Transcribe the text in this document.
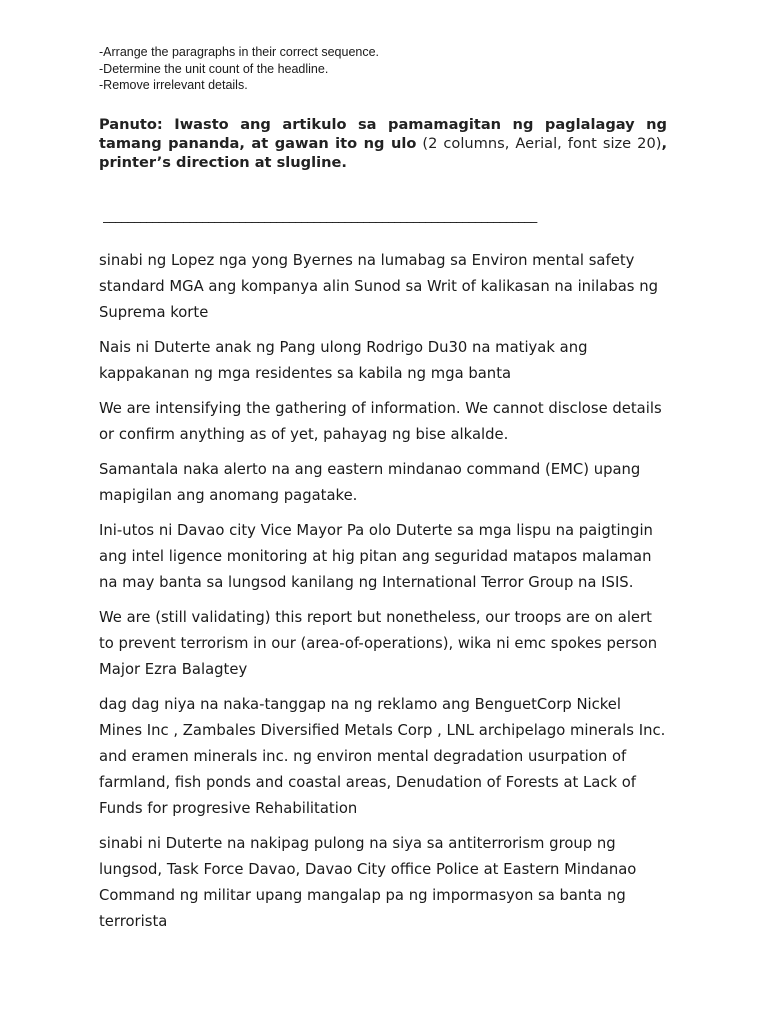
-Arrange the paragraphs in their correct sequence.

-Determine the unit count of the headline.

-Remove irrelevant details.

Panuto: Iwasto ang artikulo sa pamamagitan ng paglalagay ng tamang pananda, at gawan ito ng ulo (2 columns, Aerial, font size 20), printer’s direction at slugline.

______________________________________________________________________

sinabi ng Lopez nga yong Byernes na lumabag sa Environ mental safety standard MGA ang kompanya alin Sunod sa Writ of kalikasan na inilabas ng Suprema korte

Nais ni Duterte anak ng Pang ulong Rodrigo Du30 na matiyak ang kappakanan ng mga residentes sa kabila ng mga banta

We are intensifying the gathering of information. We cannot disclose details or confirm anything as of yet, pahayag ng bise alkalde.

Samantala naka alerto na ang eastern mindanao command (EMC) upang mapigilan ang anomang pagatake.

Ini-utos ni Davao city Vice Mayor Pa olo Duterte sa mga lispu na paigtingin ang intel ligence monitoring at hig pitan ang seguridad matapos malaman na may banta sa lungsod kanilang ng International Terror Group na ISIS.

We are (still validating) this report but nonetheless, our troops are on alert to prevent terrorism in our (area-of-operations), wika ni emc spokes person Major Ezra Balagtey

dag dag niya na naka-tanggap na ng reklamo ang BenguetCorp Nickel Mines Inc , Zambales Diversified Metals Corp , LNL archipelago minerals Inc. and eramen minerals inc. ng environ mental degradation usurpation of farmland, fish ponds and coastal areas, Denudation of Forests at Lack of Funds for progresive Rehabilitation

sinabi ni Duterte na nakipag pulong na siya sa antiterrorism group ng lungsod, Task Force Davao, Davao City office Police at Eastern Mindanao Command ng militar upang mangalap pa ng impormasyon sa banta ng terrorista
